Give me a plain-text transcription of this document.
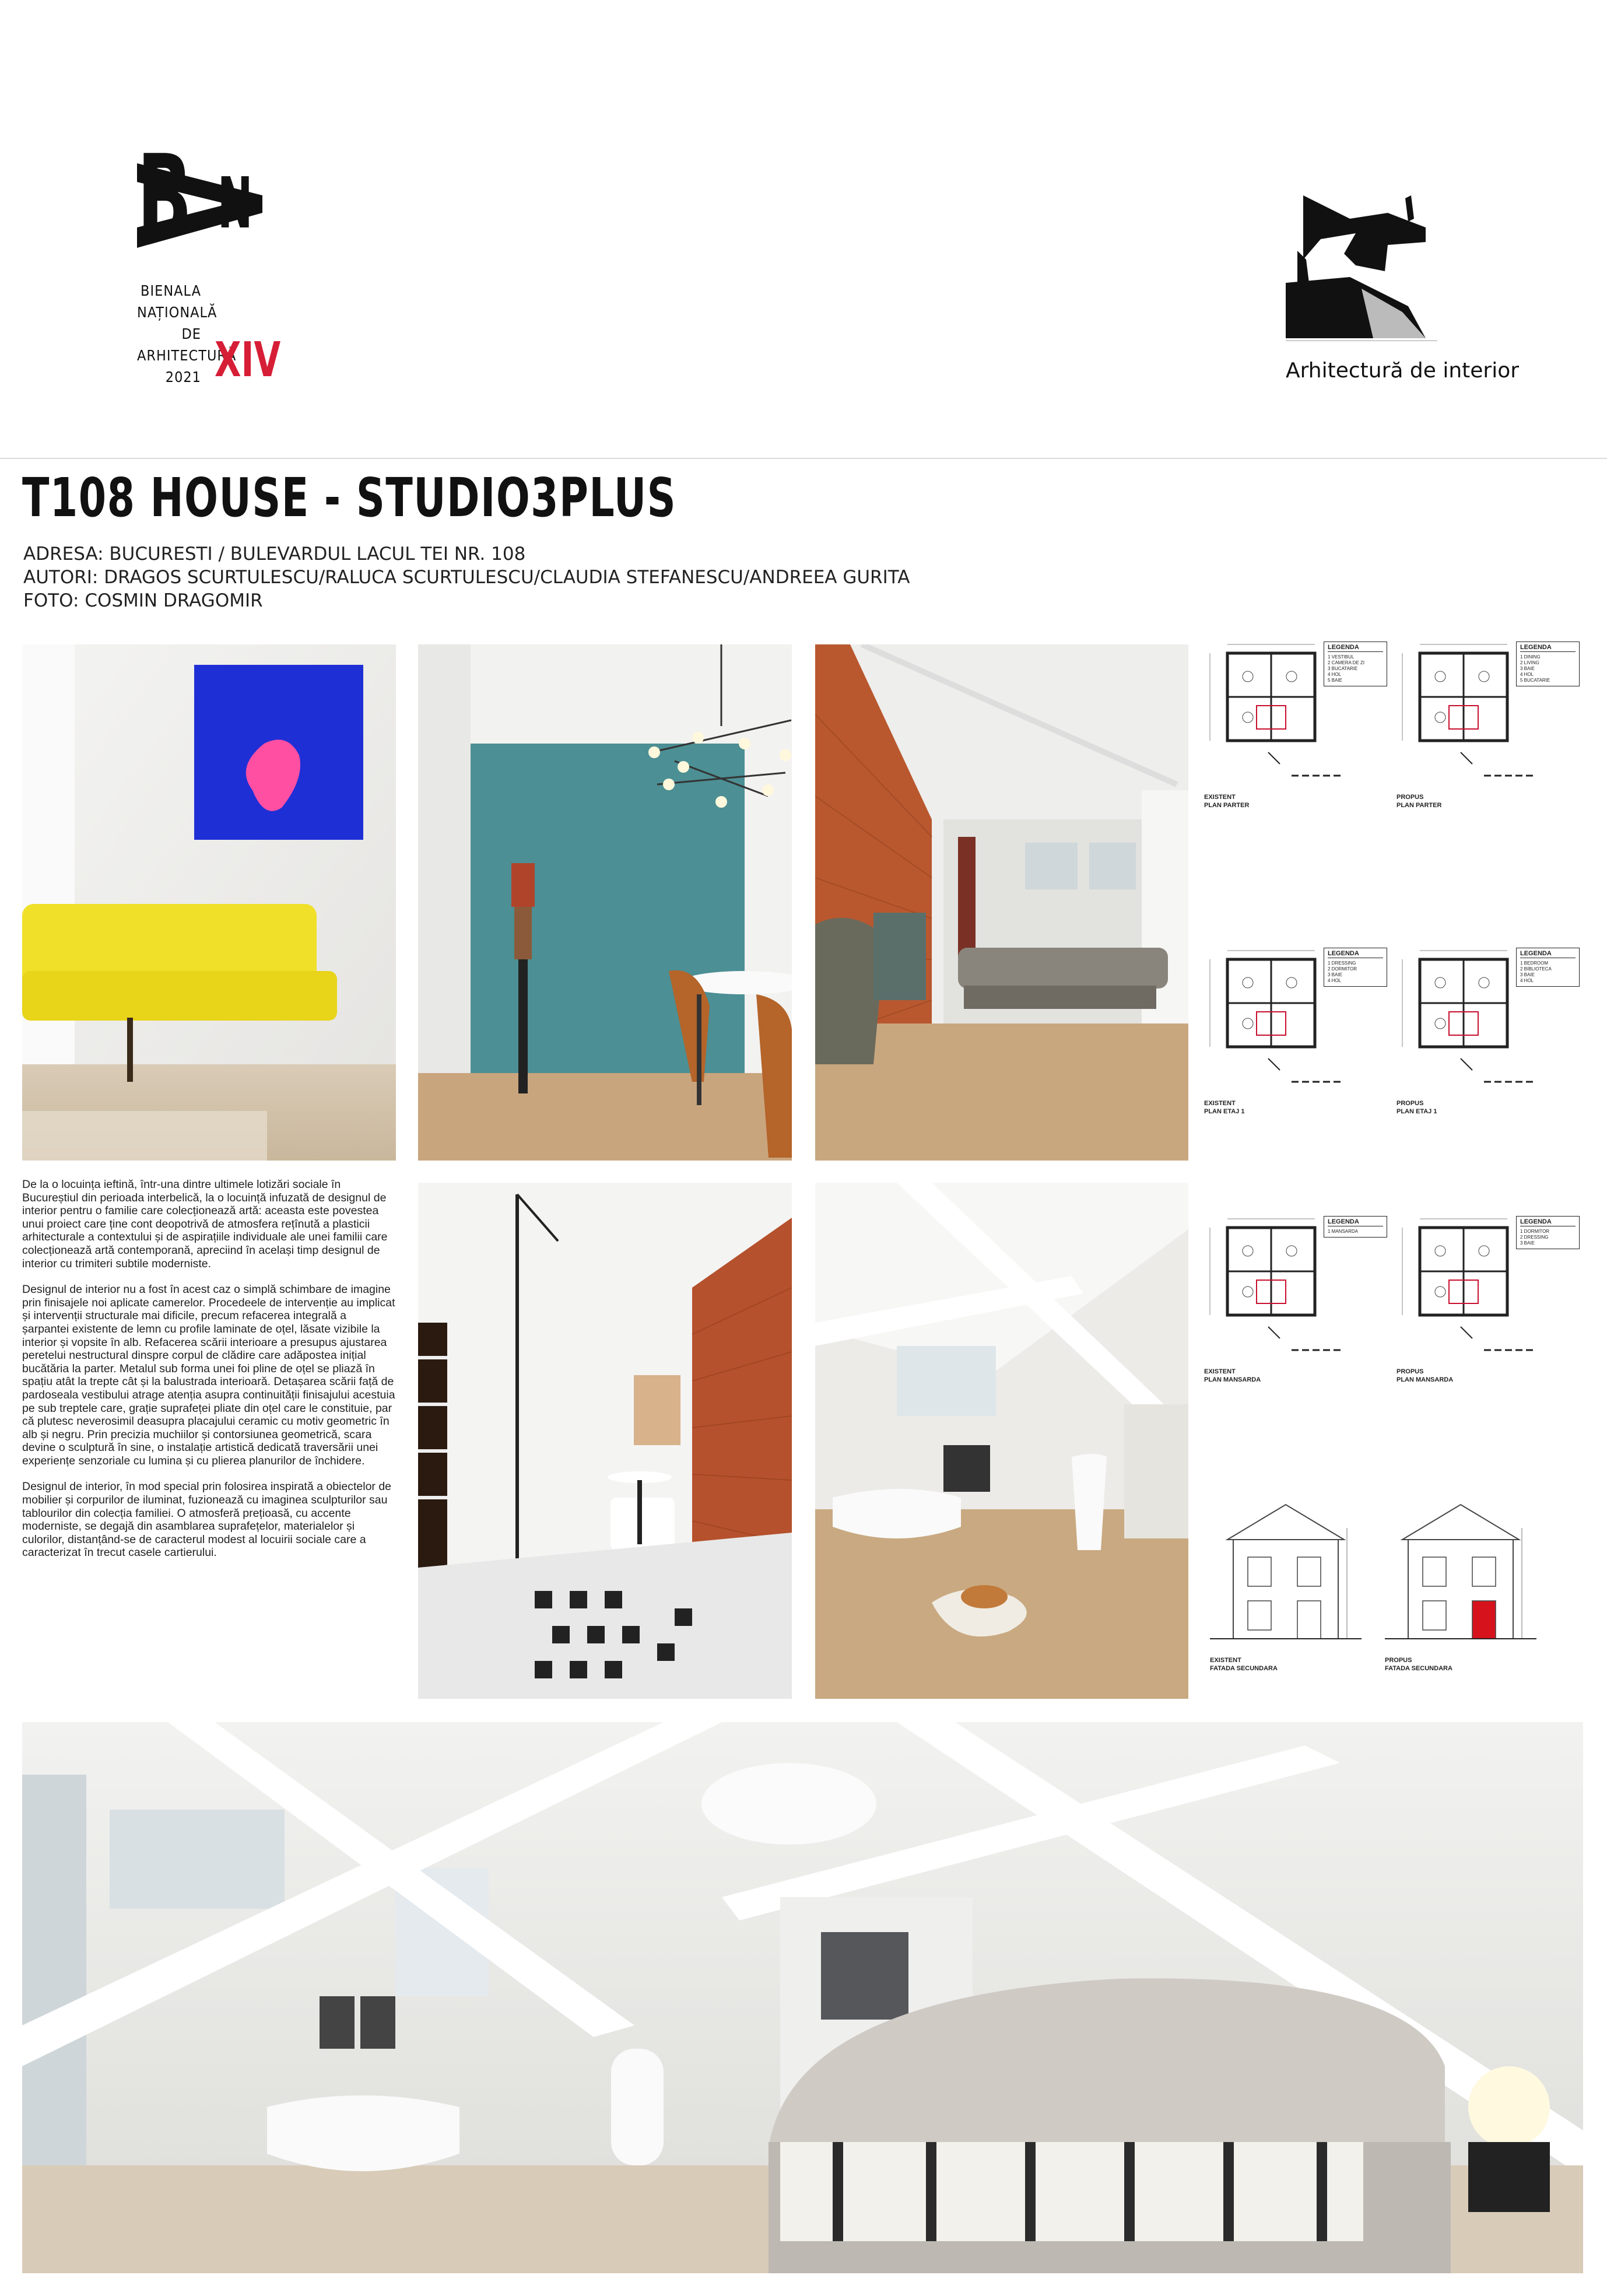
B N
BIENALA
NAȚIONALĂ
DE
ARHITECTURĂ
2021 XIV	Arhitectură de interior
T108 HOUSE - STUDIO3PLUS
ADRESA: BUCURESTI / BULEVARDUL LACUL TEI NR. 108
AUTORI: DRAGOS SCURTULESCU/RALUCA SCURTULESCU/CLAUDIA STEFANESCU/ANDREEA GURITA
FOTO: COSMIN DRAGOMIR

De la o locuința ieftină, într-una dintre ultimele lotizări sociale în Bucureștiul din perioada interbelică, la o locuință infuzată de designul de interior pentru o familie care colecționează artă: aceasta este povestea unui proiect care ține cont deopotrivă de atmosfera rețînută a plasticii arhitecturale a contextului și de aspirațiile individuale ale unei familii care colecționează artă contemporană, apreciind în același timp designul de interior cu trimiteri subtile moderniste.

Designul de interior nu a fost în acest caz o simplă schimbare de imagine prin finisajele noi aplicate camerelor. Procedeele de intervenție au implicat și intervenții structurale mai dificile, precum refacerea integrală a șarpantei existente de lemn cu profile laminate de oțel, lăsate vizibile la interior și vopsite în alb. Refacerea scării interioare a presupus ajustarea peretelui nestructural dinspre corpul de clădire care adăpostea inițial bucătăria la parter. Metalul sub forma unei foi pline de oțel se pliază în spațiu atât la trepte cât și la balustrada interioară. Detașarea scării față de pardoseala vestibului atrage atenția asupra continuității finisajului acestuia pe sub treptele care, grație suprafeței pliate din oțel care le constituie, par că plutesc neverosimil deasupra placajului ceramic cu motiv geometric în alb și negru. Prin precizia muchiilor și contorsiunea geometrică, scara devine o sculptură în sine, o instalație artistică dedicată traversării unei experiențe senzoriale cu lumina și cu plierea planurilor de închidere.

Designul de interior, în mod special prin folosirea inspirată a obiectelor de mobilier și corpurilor de iluminat, fuzionează cu imaginea sculpturilor sau tablourilor din colecția familiei. O atmosferă prețioasă, cu accente moderniste, se degajă din asamblarea suprafețelor, materialelor și culorilor, distanțând-se de caracterul modest al locuirii sociale care a caracterizat în trecut casele cartierului.

LEGENDA
1 VESTIBUL
2 CAMERA DE ZI
3 BUCATARIE
4 HOL
5 BAIE
EXISTENT
PLAN PARTER
LEGENDA
1 DINING
2 LIVING
3 BAIE
4 HOL
5 BUCATARIE
PROPUS
PLAN PARTER
LEGENDA
1 DRESSING
2 DORMITOR
3 BAIE
4 HOL
EXISTENT
PLAN ETAJ 1
LEGENDA
1 BEDROOM
2 BIBLIOTECA
3 BAIE
4 HOL
PROPUS
PLAN ETAJ 1
LEGENDA
1 MANSARDA
EXISTENT
PLAN MANSARDA
LEGENDA
1 DORMITOR
2 DRESSING
3 BAIE
PROPUS
PLAN MANSARDA
EXISTENT
FATADA SECUNDARA
PROPUS
FATADA SECUNDARA
